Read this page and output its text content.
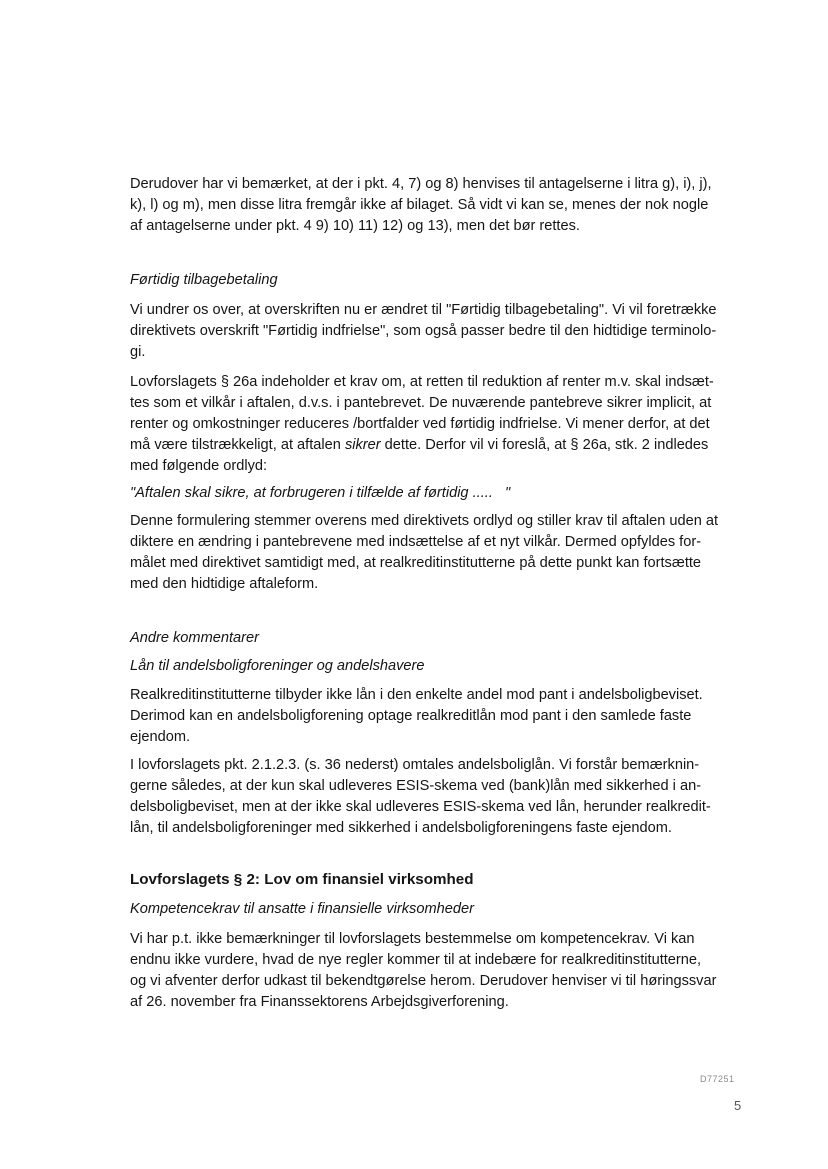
Derudover har vi bemærket, at der i pkt. 4, 7) og 8) henvises til antagelserne i litra g), i), j),

k), l) og m), men disse litra fremgår ikke af bilaget. Så vidt vi kan se, menes der nok nogle

af antagelserne under pkt. 4 9) 10) 11) 12) og 13), men det bør rettes.

Førtidig tilbagebetaling

Vi undrer os over, at overskriften nu er ændret til "Førtidig tilbagebetaling". Vi vil foretrække

direktivets overskrift "Førtidig indfrielse", som også passer bedre til den hidtidige terminolo-

gi.

Lovforslagets § 26a indeholder et krav om, at retten til reduktion af renter m.v. skal indsæt-

tes som et vilkår i aftalen, d.v.s. i pantebrevet. De nuværende pantebreve sikrer implicit, at

renter og omkostninger reduceres /bortfalder ved førtidig indfrielse. Vi mener derfor, at det

må være tilstrækkeligt, at aftalen sikrer dette. Derfor vil vi foreslå, at § 26a, stk. 2 indledes

med følgende ordlyd:

"Aftalen skal sikre, at forbrugeren i tilfælde af førtidig .....   "

Denne formulering stemmer overens med direktivets ordlyd og stiller krav til aftalen uden at

diktere en ændring i pantebrevene med indsættelse af et nyt vilkår. Dermed opfyldes for-

målet med direktivet samtidigt med, at realkreditinstitutterne på dette punkt kan fortsætte

med den hidtidige aftaleform.

Andre kommentarer

Lån til andelsboligforeninger og andelshavere

Realkreditinstitutterne tilbyder ikke lån i den enkelte andel mod pant i andelsboligbeviset.

Derimod kan en andelsboligforening optage realkreditlån mod pant i den samlede faste

ejendom.

I lovforslagets pkt. 2.1.2.3. (s. 36 nederst) omtales andelsboliglån. Vi forstår bemærknin-

gerne således, at der kun skal udleveres ESIS-skema ved (bank)lån med sikkerhed i an-

delsboligbeviset, men at der ikke skal udleveres ESIS-skema ved lån, herunder realkredit-

lån, til andelsboligforeninger med sikkerhed i andelsboligforeningens faste ejendom.

Lovforslagets § 2: Lov om finansiel virksomhed

Kompetencekrav til ansatte i finansielle virksomheder

Vi har p.t. ikke bemærkninger til lovforslagets bestemmelse om kompetencekrav. Vi kan

endnu ikke vurdere, hvad de nye regler kommer til at indebære for realkreditinstitutterne,

og vi afventer derfor udkast til bekendtgørelse herom. Derudover henviser vi til høringssvar

af 26. november fra Finanssektorens Arbejdsgiverforening.

D77251

5
